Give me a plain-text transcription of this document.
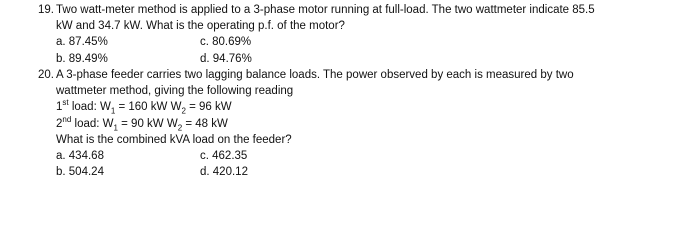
19. Two watt-meter method is applied to a 3-phase motor running at full-load. The two wattmeter indicate 85.5
kW and 34.7 kW. What is the operating p.f. of the motor?
a. 87.45%	c. 80.69%
b. 89.49%	d. 94.76%
20. A 3-phase feeder carries two lagging balance loads. The power observed by each is measured by two
wattmeter method, giving the following reading
1st load: $W_1 = 160$ kW $W_2 = 96$ kW
2nd load: $W_1 = 90$ kW $W_2 = 48$ kW
What is the combined kVA load on the feeder?
a. 434.68	c. 462.35
b. 504.24	d. 420.12
